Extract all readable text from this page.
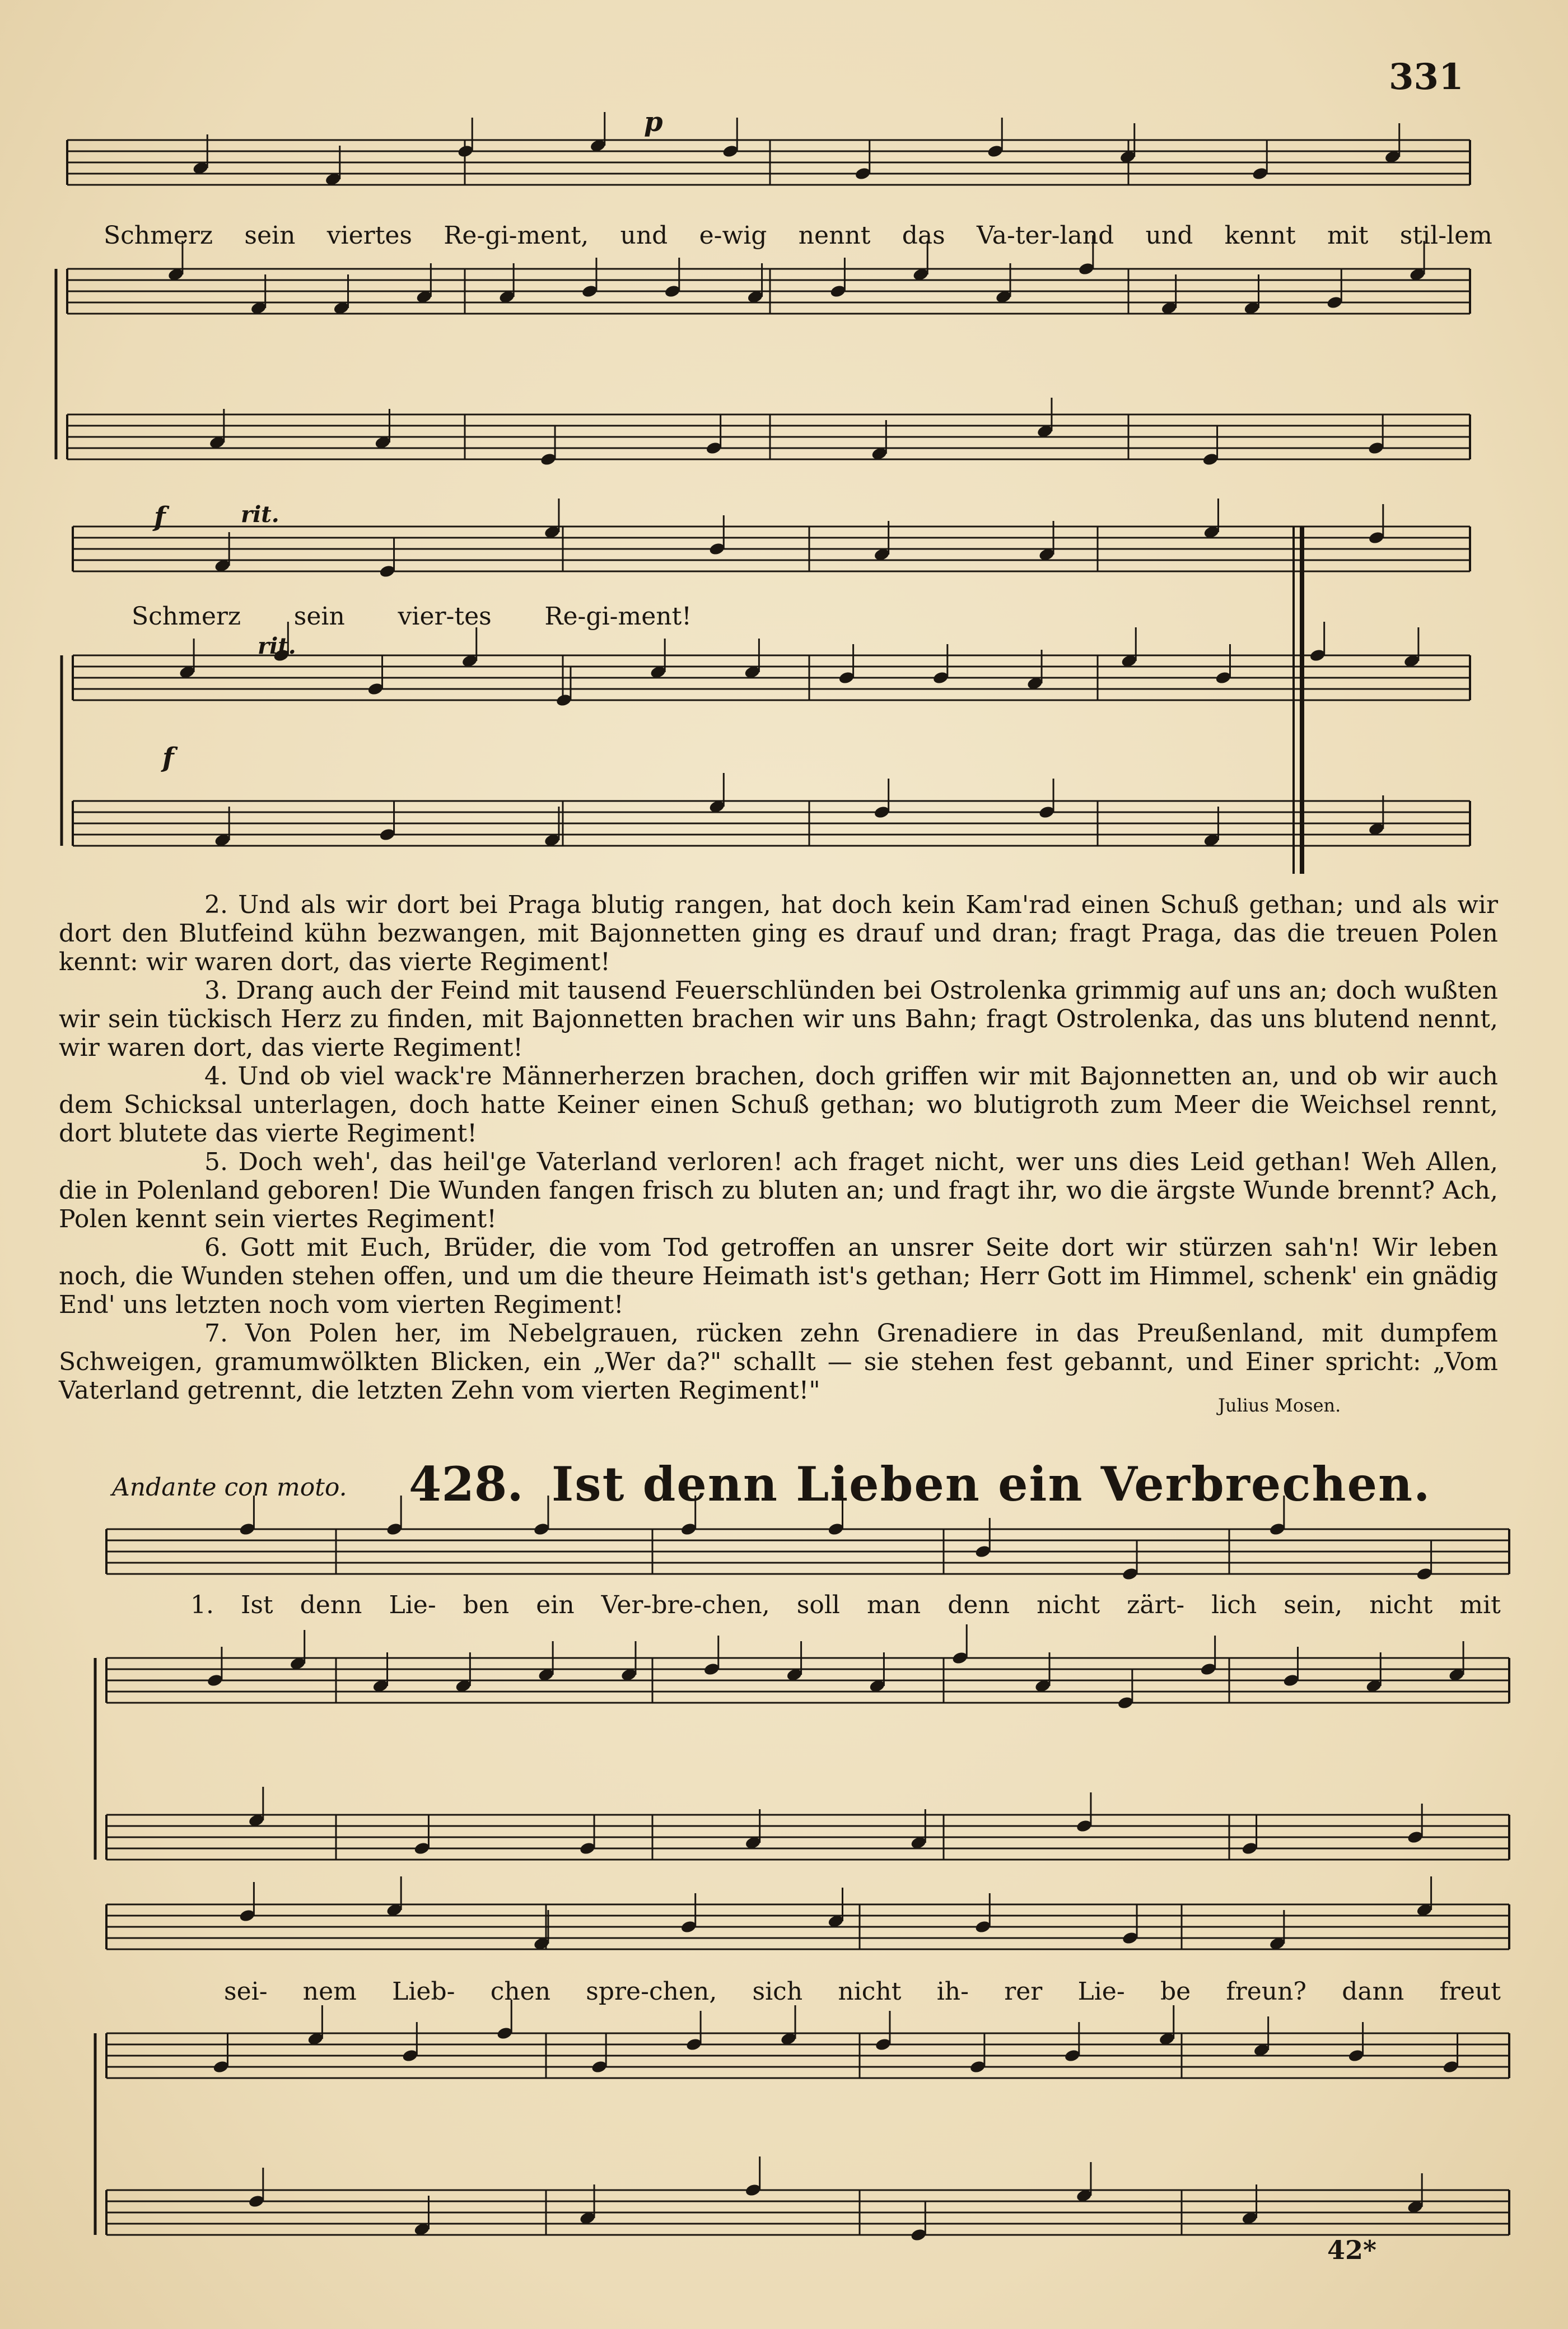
331
Schmerz sein viertes Re-gi-ment, und e-wig nennt das Va-ter-land und kennt mit stil-lem
Schmerz sein vier-tes Re-gi-ment!
p
f	rit.
rit.
f

2. Und als wir dort bei Praga blutig rangen, hat doch kein Kam'rad einen Schuß gethan; und als wir dort den Blutfeind kühn bezwangen, mit Bajonnetten ging es drauf und dran; fragt Praga, das die treuen Polen kennt: wir waren dort, das vierte Regiment!

3. Drang auch der Feind mit tausend Feuerschlünden bei Ostrolenka grimmig auf uns an; doch wußten wir sein tückisch Herz zu finden, mit Bajonnetten brachen wir uns Bahn; fragt Ostrolenka, das uns blutend nennt, wir waren dort, das vierte Regiment!

4. Und ob viel wack're Männerherzen brachen, doch griffen wir mit Bajonnetten an, und ob wir auch dem Schicksal unterlagen, doch hatte Keiner einen Schuß gethan; wo blutigroth zum Meer die Weichsel rennt, dort blutete das vierte Regiment!

5. Doch weh', das heil'ge Vaterland verloren! ach fraget nicht, wer uns dies Leid gethan! Weh Allen, die in Polenland geboren! Die Wunden fangen frisch zu bluten an; und fragt ihr, wo die ärgste Wunde brennt? Ach, Polen kennt sein viertes Regiment!

6. Gott mit Euch, Brüder, die vom Tod getroffen an unsrer Seite dort wir stürzen sah'n! Wir leben noch, die Wunden stehen offen, und um die theure Heimath ist's gethan; Herr Gott im Himmel, schenk' ein gnädig End' uns letzten noch vom vierten Regiment!

7. Von Polen her, im Nebelgrauen, rücken zehn Grenadiere in das Preußenland, mit dumpfem Schweigen, gramumwölkten Blicken, ein „Wer da?" schallt — sie stehen fest gebannt, und Einer spricht: „Vom Vaterland getrennt, die letzten Zehn vom vierten Regiment!"

Julius Mosen.
Andante con moto. 428. Ist denn Lieben ein Verbrechen.
1. Ist denn Lie- ben ein Ver-bre-chen, soll man denn nicht zärt- lich sein, nicht mit
sei- nem Lieb- chen spre-chen, sich nicht ih- rer Lie- be freun? dann freut
42*
